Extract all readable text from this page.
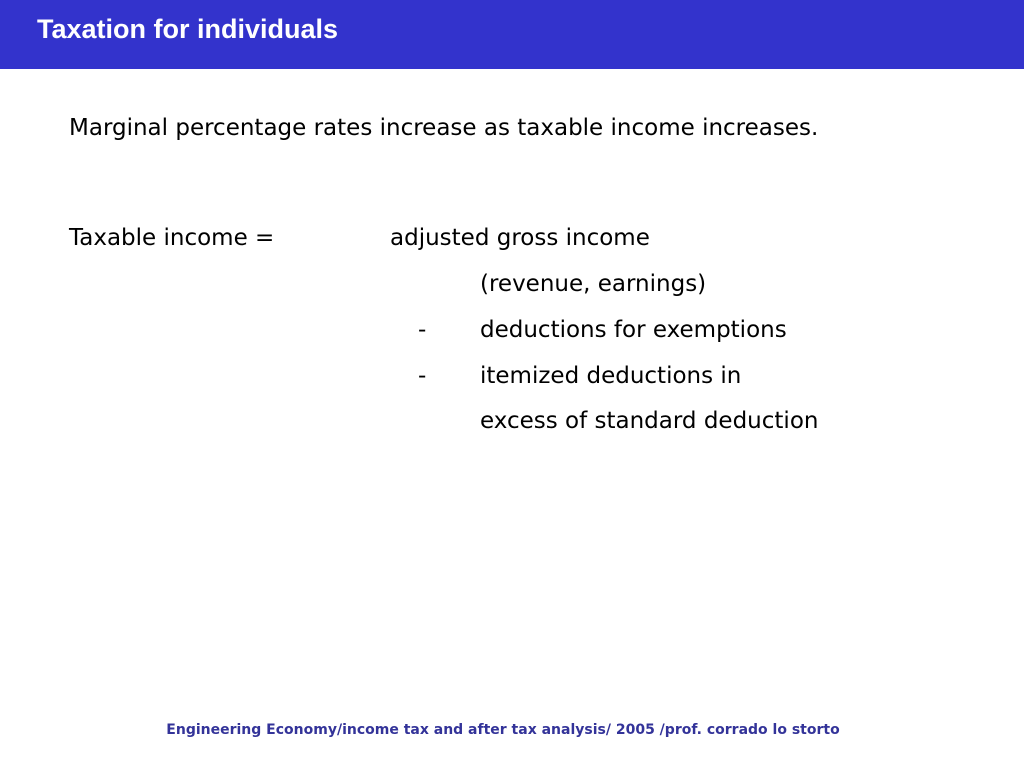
Taxation for individuals
Marginal percentage rates increase as taxable income increases.
Taxable income =	adjusted gross income
(revenue, earnings)
- deductions for exemptions
- itemized deductions in
excess of standard deduction
Engineering Economy/income tax and after tax analysis/ 2005 /prof. corrado lo storto
